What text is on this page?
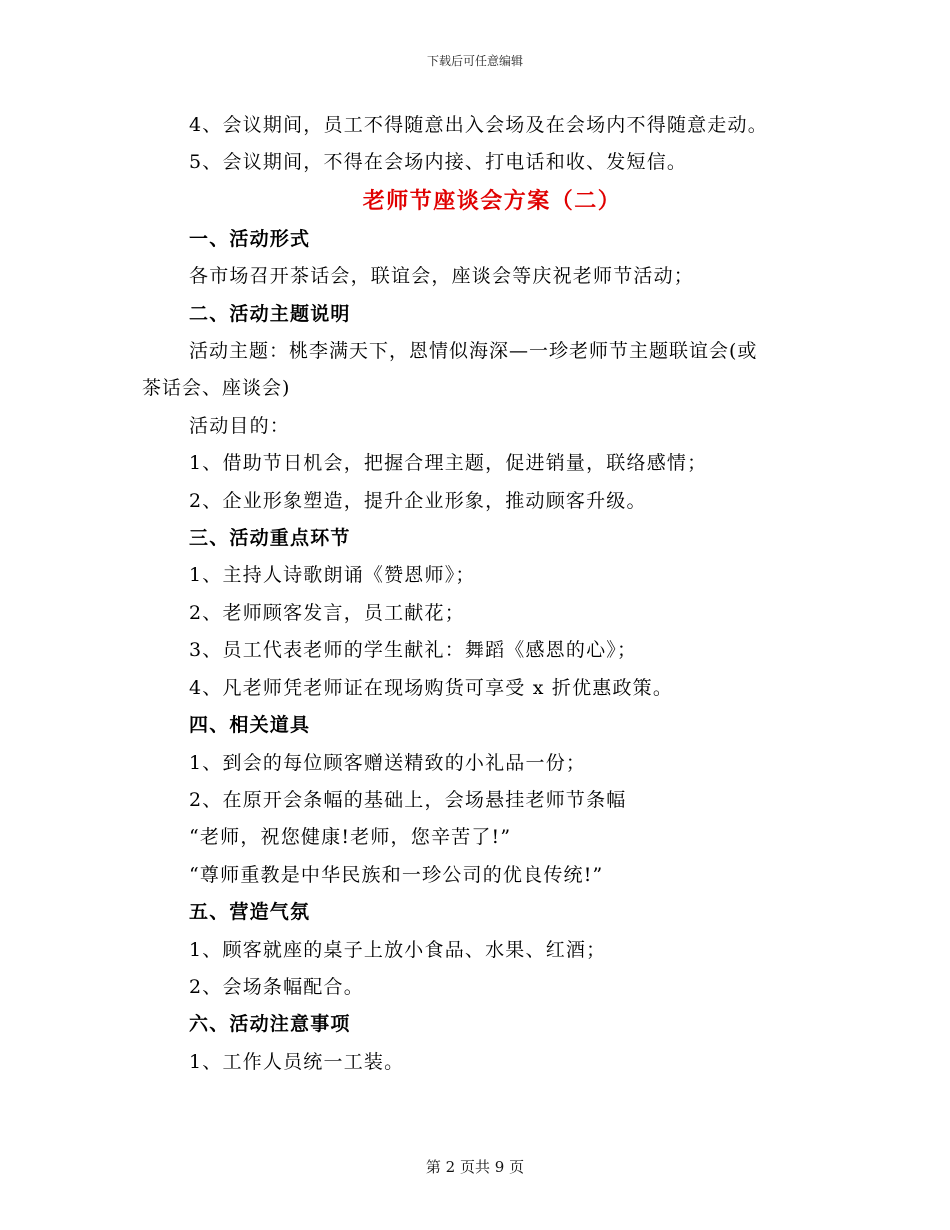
下载后可任意编辑
4、会议期间，员工不得随意出入会场及在会场内不得随意走动。
5、会议期间，不得在会场内接、打电话和收、发短信。
老师节座谈会方案（二）
一、活动形式
各市场召开茶话会，联谊会，座谈会等庆祝老师节活动；
二、活动主题说明
活动主题：桃李满天下，恩情似海深—一珍老师节主题联谊会(或
茶话会、座谈会)
活动目的：
1、借助节日机会，把握合理主题，促进销量，联络感情；
2、企业形象塑造，提升企业形象，推动顾客升级。
三、活动重点环节
1、主持人诗歌朗诵《赞恩师》；
2、老师顾客发言，员工献花；
3、员工代表老师的学生献礼：舞蹈《感恩的心》；
4、凡老师凭老师证在现场购货可享受 x 折优惠政策。
四、相关道具
1、到会的每位顾客赠送精致的小礼品一份；
2、在原开会条幅的基础上，会场悬挂老师节条幅
“老师，祝您健康!老师，您辛苦了!”
“尊师重教是中华民族和一珍公司的优良传统!”
五、营造气氛
1、顾客就座的桌子上放小食品、水果、红酒；
2、会场条幅配合。
六、活动注意事项
1、工作人员统一工装。
第 2 页共 9 页
